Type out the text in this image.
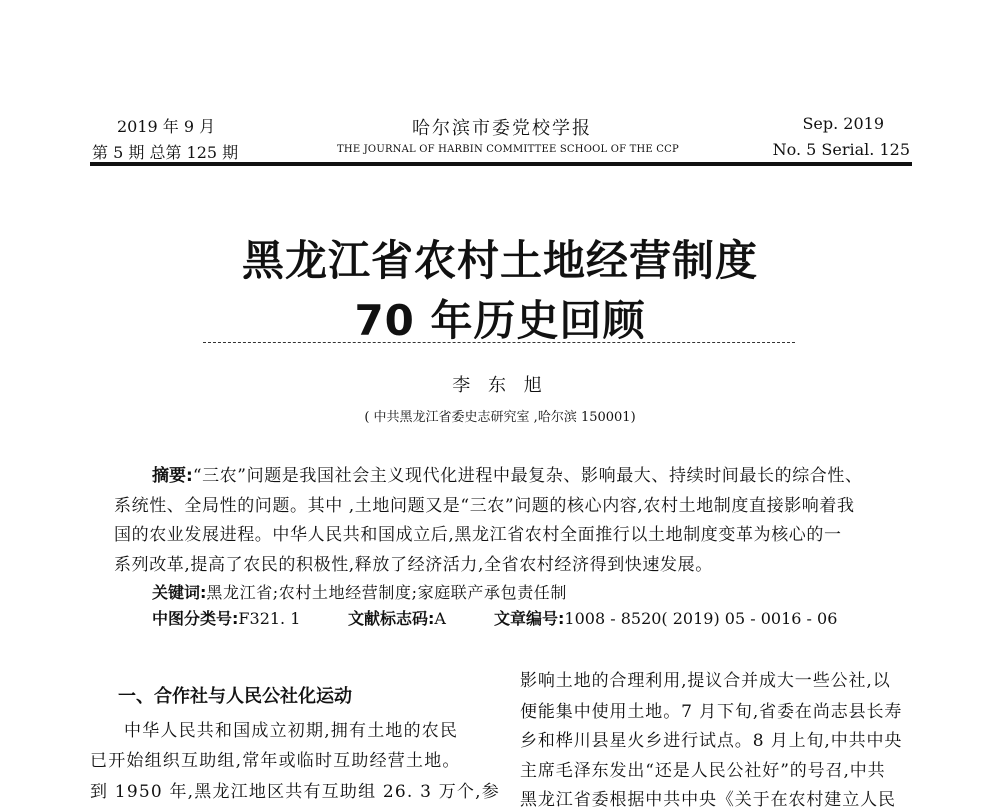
2019 年 9 月
第 5 期 总第 125 期
哈尔滨市委党校学报
THE JOURNAL OF HARBIN COMMITTEE SCHOOL OF THE CCP
Sep. 2019
No. 5 Serial. 125
黑龙江省农村土地经营制度
70 年历史回顾
李 东 旭
( 中共黑龙江省委史志研究室 ,哈尔滨 150001)
摘要:“三农”问题是我国社会主义现代化进程中最复杂、影响最大、持续时间最长的综合性、
系统性、全局性的问题。其中 ,土地问题又是“三农”问题的核心内容,农村土地制度直接影响着我
国的农业发展进程。中华人民共和国成立后,黑龙江省农村全面推行以土地制度变革为核心的一
系列改革,提高了农民的积极性,释放了经济活力,全省农村经济得到快速发展。
关键词:黑龙江省;农村土地经营制度;家庭联产承包责任制
中图分类号:F321. 1	文献标志码:A	文章编号:1008 - 8520( 2019) 05 - 0016 - 06
一、合作社与人民公社化运动
中华人民共和国成立初期,拥有土地的农民
已开始组织互助组,常年或临时互助经营土地。
到 1950 年,黑龙江地区共有互助组 26. 3 万个,参
影响土地的合理利用,提议合并成大一些公社,以
便能集中使用土地。7 月下旬,省委在尚志县长寿
乡和桦川县星火乡进行试点。8 月上旬,中共中央
主席毛泽东发出“还是人民公社好”的号召,中共
黑龙江省委根据中共中央《关于在农村建立人民
